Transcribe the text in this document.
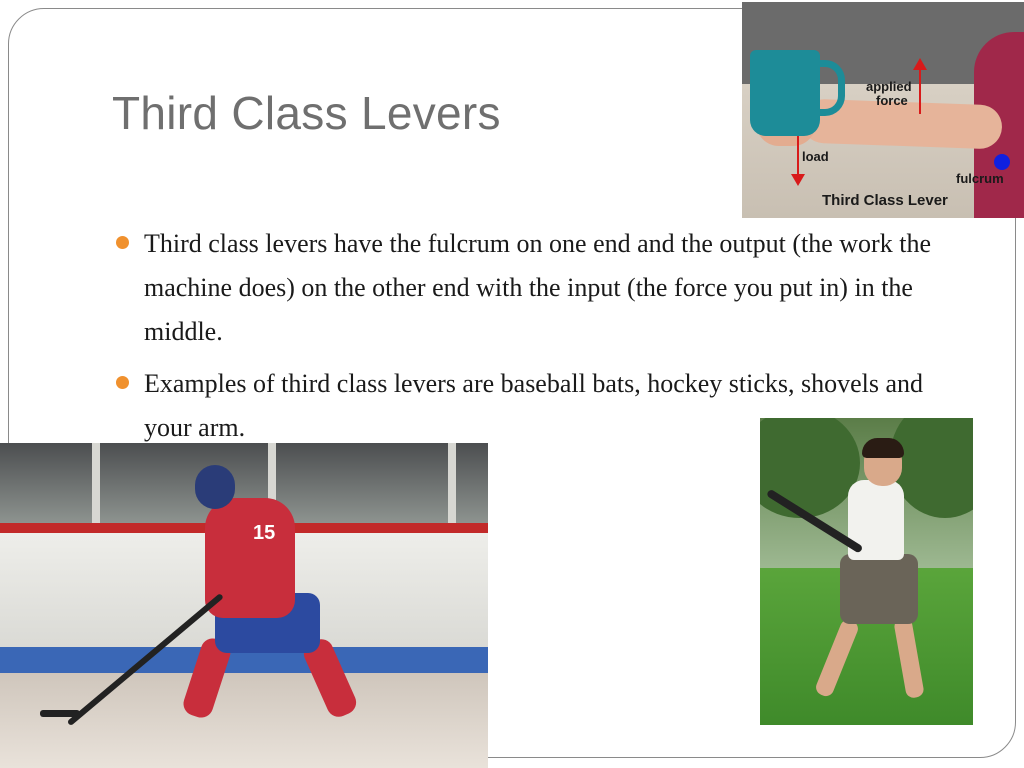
Third Class Levers
Third class levers have the fulcrum on one end and the output (the work the machine does) on the other end with the input (the force you put in) in the middle.
Examples of third class levers are baseball bats, hockey sticks, shovels and your arm.
applied
force
load
fulcrum
Third Class Lever
15
